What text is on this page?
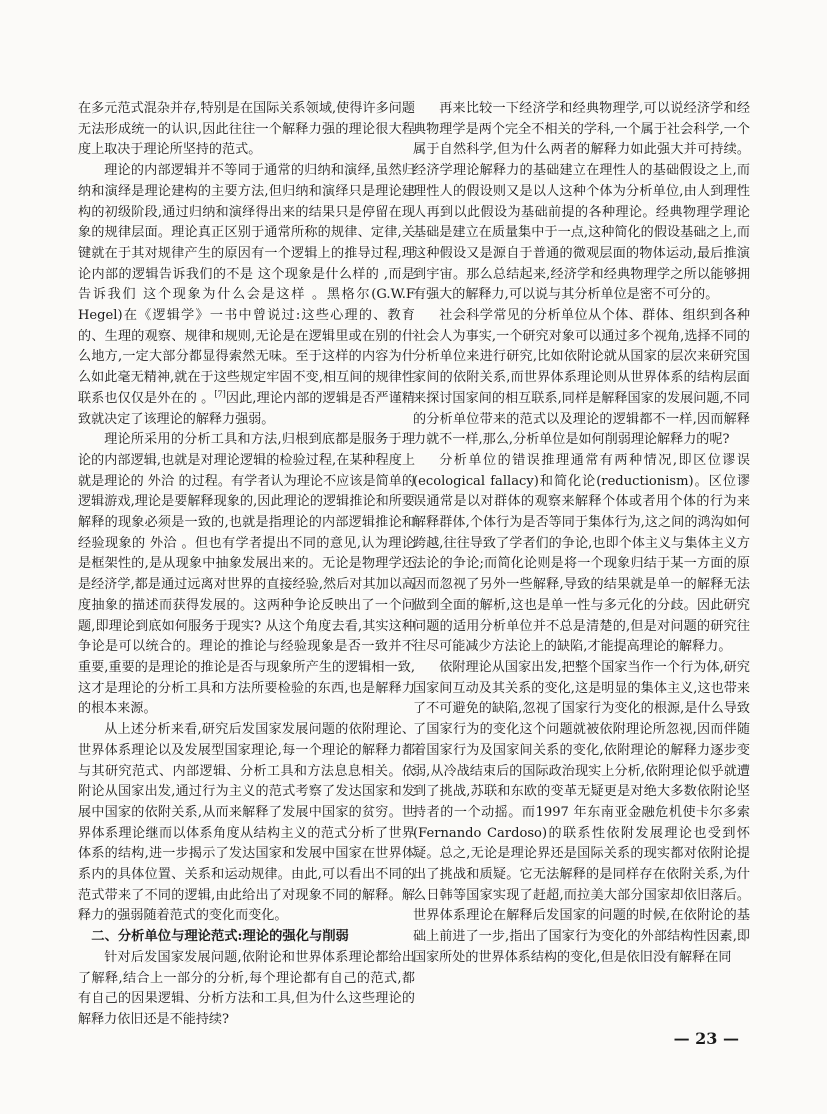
在多元范式混杂并存,特别是在国际关系领域,使得许多问题无法形成统一的认识,因此往往一个解释力强的理论很大程度上取决于理论所坚持的范式。

理论的内部逻辑并不等同于通常的归纳和演绎,虽然归纳和演绎是理论建构的主要方法,但归纳和演绎只是理论建构的初级阶段,通过归纳和演绎得出来的结果只是停留在现象的规律层面。理论真正区别于通常所称的规律、定律,关键就在于其对规律产生的原因有一个逻辑上的推导过程,理论内部的逻辑告诉我们的不是 这个现象是什么样的 ,而是告诉我们 这个现象为什么会是这样 。黑格尔(G.W.F Hegel)在《逻辑学》一书中曾说过:这些心理的、教育的、生理的观察、规律和规则,无论是在逻辑里或在别的什么地方,一定大部分都显得索然无味。至于这样的内容为什么如此毫无精神,就在于这些规定牢固不变,相互间的规律性联系也仅仅是外在的 。[7]因此,理论内部的逻辑是否严谨精致就决定了该理论的解释力强弱。

理论所采用的分析工具和方法,归根到底都是服务于理论的内部逻辑,也就是对理论逻辑的检验过程,在某种程度上就是理论的 外洽 的过程。有学者认为理论不应该是简单的逻辑游戏,理论是要解释现象的,因此理论的逻辑推论和所要解释的现象必须是一致的,也就是指理论的内部逻辑推论和经验现象的 外洽 。但也有学者提出不同的意见,认为理论是框架性的,是从现象中抽象发展出来的。无论是物理学还是经济学,都是通过远离对世界的直接经验,然后对其加以高度抽象的描述而获得发展的。这两种争论反映出了一个问题,即理论到底如何服务于现实? 从这个角度去看,其实这种争论是可以统合的。理论的推论与经验现象是否一致并不重要,重要的是理论的推论是否与现象所产生的逻辑相一致,这才是理论的分析工具和方法所要检验的东西,也是解释力的根本来源。

从上述分析来看,研究后发国家发展问题的依附理论、世界体系理论以及发展型国家理论,每一个理论的解释力都与其研究范式、内部逻辑、分析工具和方法息息相关。依附论从国家出发,通过行为主义的范式考察了发达国家和发展中国家的依附关系,从而来解释了发展中国家的贫穷。世界体系理论继而以体系角度从结构主义的范式分析了世界体系的结构,进一步揭示了发达国家和发展中国家在世界体系内的具体位置、关系和运动规律。由此,可以看出不同的范式带来了不同的逻辑,由此给出了对现象不同的解释。解释力的强弱随着范式的变化而变化。

二、分析单位与理论范式:理论的强化与削弱

针对后发国家发展问题,依附论和世界体系理论都给出了解释,结合上一部分的分析,每个理论都有自己的范式,都有自己的因果逻辑、分析方法和工具,但为什么这些理论的解释力依旧还是不能持续?

再来比较一下经济学和经典物理学,可以说经济学和经典物理学是两个完全不相关的学科,一个属于社会科学,一个属于自然科学,但为什么两者的解释力如此强大并可持续。经济学理论解释力的基础建立在理性人的基础假设之上,而理性人的假设则又是以人这种个体为分析单位,由人到理性人再到以此假设为基础前提的各种理论。经典物理学理论基础是建立在质量集中于一点,这种简化的假设基础之上,而这种假设又是源自于普通的微观层面的物体运动,最后推演到宇宙。那么总结起来,经济学和经典物理学之所以能够拥有强大的解释力,可以说与其分析单位是密不可分的。

社会科学常见的分析单位从个体、群体、组织到各种社会人为事实,一个研究对象可以通过多个视角,选择不同的分析单位来进行研究,比如依附论就从国家的层次来研究国家间的依附关系,而世界体系理论则从世界体系的结构层面来探讨国家间的相互联系,同样是解释国家的发展问题,不同的分析单位带来的范式以及理论的逻辑都不一样,因而解释力就不一样,那么,分析单位是如何削弱理论解释力的呢?

分析单位的错误推理通常有两种情况,即区位谬误(ecological fallacy)和简化论(reductionism)。区位谬误通常是以对群体的观察来解释个体或者用个体的行为来解释群体,个体行为是否等同于集体行为,这之间的鸿沟如何跨越,往往导致了学者们的争论,也即个体主义与集体主义方法论的争论;而简化论则是将一个现象归结于某一方面的原因而忽视了另外一些解释,导致的结果就是单一的解释无法做到全面的解析,这也是单一性与多元化的分歧。因此研究问题的适用分析单位并不总是清楚的,但是对问题的研究往往尽可能减少方法论上的缺陷,才能提高理论的解释力。

依附理论从国家出发,把整个国家当作一个行为体,研究国家间互动及其关系的变化,这是明显的集体主义,这也带来了不可避免的缺陷,忽视了国家行为变化的根源,是什么导致了国家行为的变化这个问题就被依附理论所忽视,因而伴随着国家行为及国家间关系的变化,依附理论的解释力逐步变弱,从冷战结束后的国际政治现实上分析,依附理论似乎就遭到了挑战,苏联和东欧的变革无疑更是对绝大多数依附论坚持者的一个动摇。而1997 年东南亚金融危机使卡尔多索(Fernando Cardoso)的联系性依附发展理论也受到怀疑。总之,无论是理论界还是国际关系的现实都对依附论提出了挑战和质疑。它无法解释的是同样存在依附关系,为什么日韩等国家实现了赶超,而拉美大部分国家却依旧落后。世界体系理论在解释后发国家的问题的时候,在依附论的基础上前进了一步,指出了国家行为变化的外部结构性因素,即国家所处的世界体系结构的变化,但是依旧没有解释在同

— 23 —
